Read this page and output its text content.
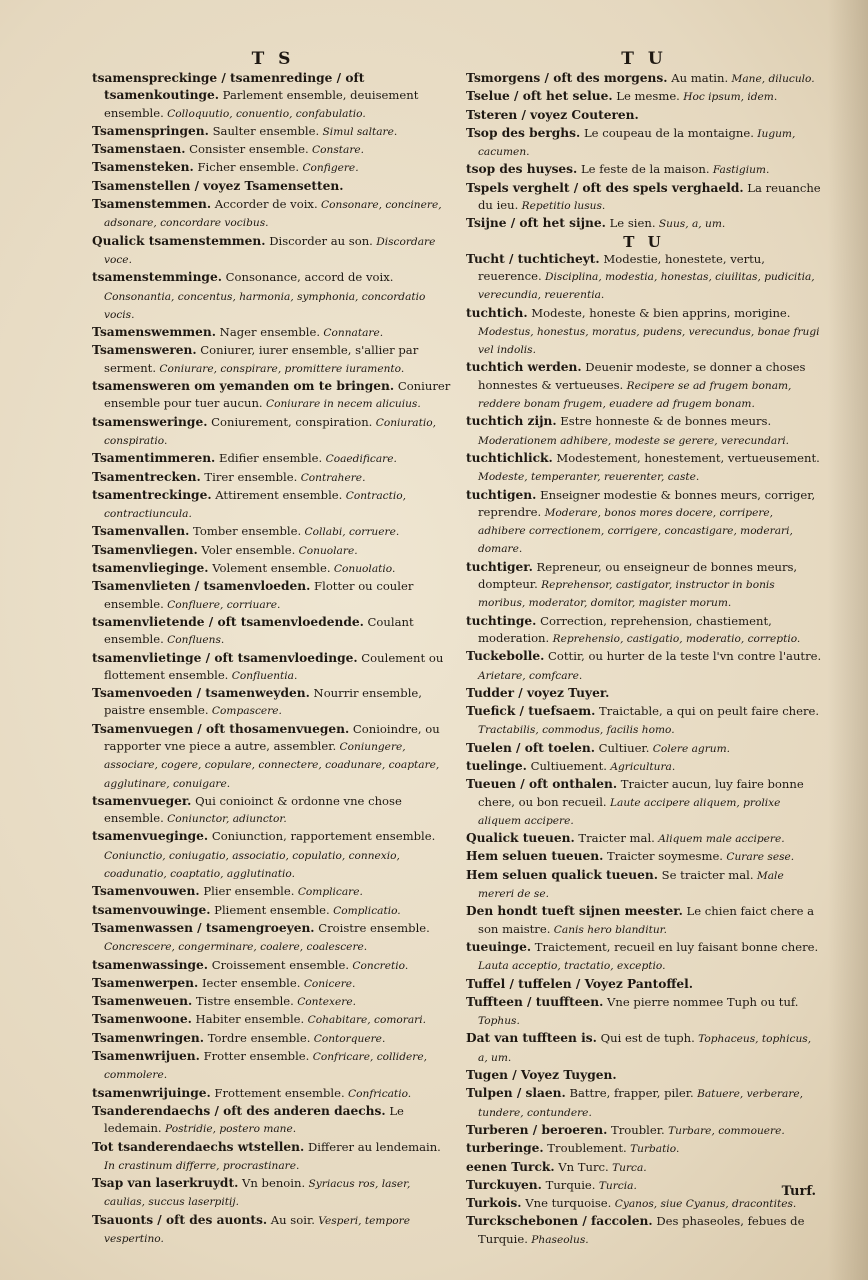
T S

tsamenspreckinge / tsamenredinge / oft tsamenkoutinge. Parlement ensemble, deuisement ensemble. Colloquutio, conuentio, confabulatio.

Tsamenspringen. Saulter ensemble. Simul saltare.

Tsamenstaen. Consister ensemble. Constare.

Tsamensteken. Ficher ensemble. Configere.

Tsamenstellen / voyez Tsamensetten.

Tsamenstemmen. Accorder de voix. Consonare, concinere, adsonare, concordare vocibus.

Qualick tsamenstemmen. Discorder au son. Discordare voce.

tsamenstemminge. Consonance, accord de voix. Consonantia, concentus, harmonia, symphonia, concordatio vocis.

Tsamenswemmen. Nager ensemble. Connatare.

Tsamensweren. Coniurer, iurer ensemble, s'allier par serment. Coniurare, conspirare, promittere iuramento.

tsamensweren om yemanden om te bringen. Coniurer ensemble pour tuer aucun. Coniurare in necem alicuius.

tsamensweringe. Coniurement, conspiration. Coniuratio, conspiratio.

Tsamentimmeren. Edifier ensemble. Coaedificare.

Tsamentrecken. Tirer ensemble. Contrahere.

tsamentreckinge. Attirement ensemble. Contractio, contractiuncula.

Tsamenvallen. Tomber ensemble. Collabi, corruere.

Tsamenvliegen. Voler ensemble. Conuolare.

tsamenvlieginge. Volement ensemble. Conuolatio.

Tsamenvlieten / tsamenvloeden. Flotter ou couler ensemble. Confluere, corriuare.

tsamenvlietende / oft tsamenvloedende. Coulant ensemble. Confluens.

tsamenvlietinge / oft tsamenvloedinge. Coulement ou flottement ensemble. Confluentia.

Tsamenvoeden / tsamenweyden. Nourrir ensemble, paistre ensemble. Compascere.

Tsamenvuegen / oft thosamenvuegen. Conioindre, ou rapporter vne piece a autre, assembler. Coniungere, associare, cogere, copulare, connectere, coadunare, coaptare, agglutinare, conuigare.

tsamenvueger. Qui conioinct & ordonne vne chose ensemble. Coniunctor, adiunctor.

tsamenvueginge. Coniunction, rapportement ensemble. Coniunctio, coniugatio, associatio, copulatio, connexio, coadunatio, coaptatio, agglutinatio.

Tsamenvouwen. Plier ensemble. Complicare.

tsamenvouwinge. Pliement ensemble. Complicatio.

Tsamenwassen / tsamengroeyen. Croistre ensemble. Concrescere, congerminare, coalere, coalescere.

tsamenwassinge. Croissement ensemble. Concretio.

Tsamenwerpen. Iecter ensemble. Conicere.

Tsamenweuen. Tistre ensemble. Contexere.

Tsamenwoone. Habiter ensemble. Cohabitare, comorari.

Tsamenwringen. Tordre ensemble. Contorquere.

Tsamenwrijuen. Frotter ensemble. Confricare, collidere, commolere.

tsamenwrijuinge. Frottement ensemble. Confricatio.

Tsanderendaechs / oft des anderen daechs. Le ledemain. Postridie, postero mane.

Tot tsanderendaechs wtstellen. Differer au lendemain. In crastinum differre, procrastinare.

Tsap van laserkruydt. Vn benoin. Syriacus ros, laser, caulias, succus laserpitij.

Tsauonts / oft des auonts. Au soir. Vesperi, tempore vespertino.

T U

Tsmorgens / oft des morgens. Au matin. Mane, diluculo.

Tselue / oft het selue. Le mesme. Hoc ipsum, idem.

Tsteren / voyez Couteren.

Tsop des berghs. Le coupeau de la montaigne. Iugum, cacumen.

tsop des huyses. Le feste de la maison. Fastigium.

Tspels verghelt / oft des spels verghaeld. La reuanche du ieu. Repetitio lusus.

Tsijne / oft het sijne. Le sien. Suus, a, um.

T U

Tucht / tuchticheyt. Modestie, honestete, vertu, reuerence. Disciplina, modestia, honestas, ciuilitas, pudicitia, verecundia, reuerentia.

tuchtich. Modeste, honeste & bien apprins, morigine. Modestus, honestus, moratus, pudens, verecundus, bonae frugi vel indolis.

tuchtich werden. Deuenir modeste, se donner a choses honnestes & vertueuses. Recipere se ad frugem bonam, reddere bonam frugem, euadere ad frugem bonam.

tuchtich zijn. Estre honneste & de bonnes meurs. Moderationem adhibere, modeste se gerere, verecundari.

tuchtichlick. Modestement, honestement, vertueusement. Modeste, temperanter, reuerenter, caste.

tuchtigen. Enseigner modestie & bonnes meurs, corriger, reprendre. Moderare, bonos mores docere, corripere, adhibere correctionem, corrigere, concastigare, moderari, domare.

tuchtiger. Repreneur, ou enseigneur de bonnes meurs, dompteur. Reprehensor, castigator, instructor in bonis moribus, moderator, domitor, magister morum.

tuchtinge. Correction, reprehension, chastiement, moderation. Reprehensio, castigatio, moderatio, correptio.

Tuckebolle. Cottir, ou hurter de la teste l'vn contre l'autre. Arietare, comfcare.

Tudder / voyez Tuyer.

Tuefick / tuefsaem. Traictable, a qui on peult faire chere. Tractabilis, commodus, facilis homo.

Tuelen / oft toelen. Cultiuer. Colere agrum.

tuelinge. Cultiuement. Agricultura.

Tueuen / oft onthalen. Traicter aucun, luy faire bonne chere, ou bon recueil. Laute accipere aliquem, prolixe aliquem accipere.

Qualick tueuen. Traicter mal. Aliquem male accipere.

Hem seluen tueuen. Traicter soymesme. Curare sese.

Hem seluen qualick tueuen. Se traicter mal. Male mereri de se.

Den hondt tueft sijnen meester. Le chien faict chere a son maistre. Canis hero blanditur.

tueuinge. Traictement, recueil en luy faisant bonne chere. Lauta acceptio, tractatio, exceptio.

Tuffel / tuffelen / Voyez Pantoffel.

Tuffteen / tuuffteen. Vne pierre nommee Tuph ou tuf. Tophus.

Dat van tuffteen is. Qui est de tuph. Tophaceus, tophicus, a, um.

Tugen / Voyez Tuygen.

Tulpen / slaen. Battre, frapper, piler. Batuere, verberare, tundere, contundere.

Turberen / beroeren. Troubler. Turbare, commouere.

turberinge. Troublement. Turbatio.

eenen Turck. Vn Turc. Turca.

Turckuyen. Turquie. Turcia.

Turkois. Vne turquoise. Cyanos, siue Cyanus, dracontites.

Turckschebonen / faccolen. Des phaseoles, febues de Turquie. Phaseolus.

Turf.
